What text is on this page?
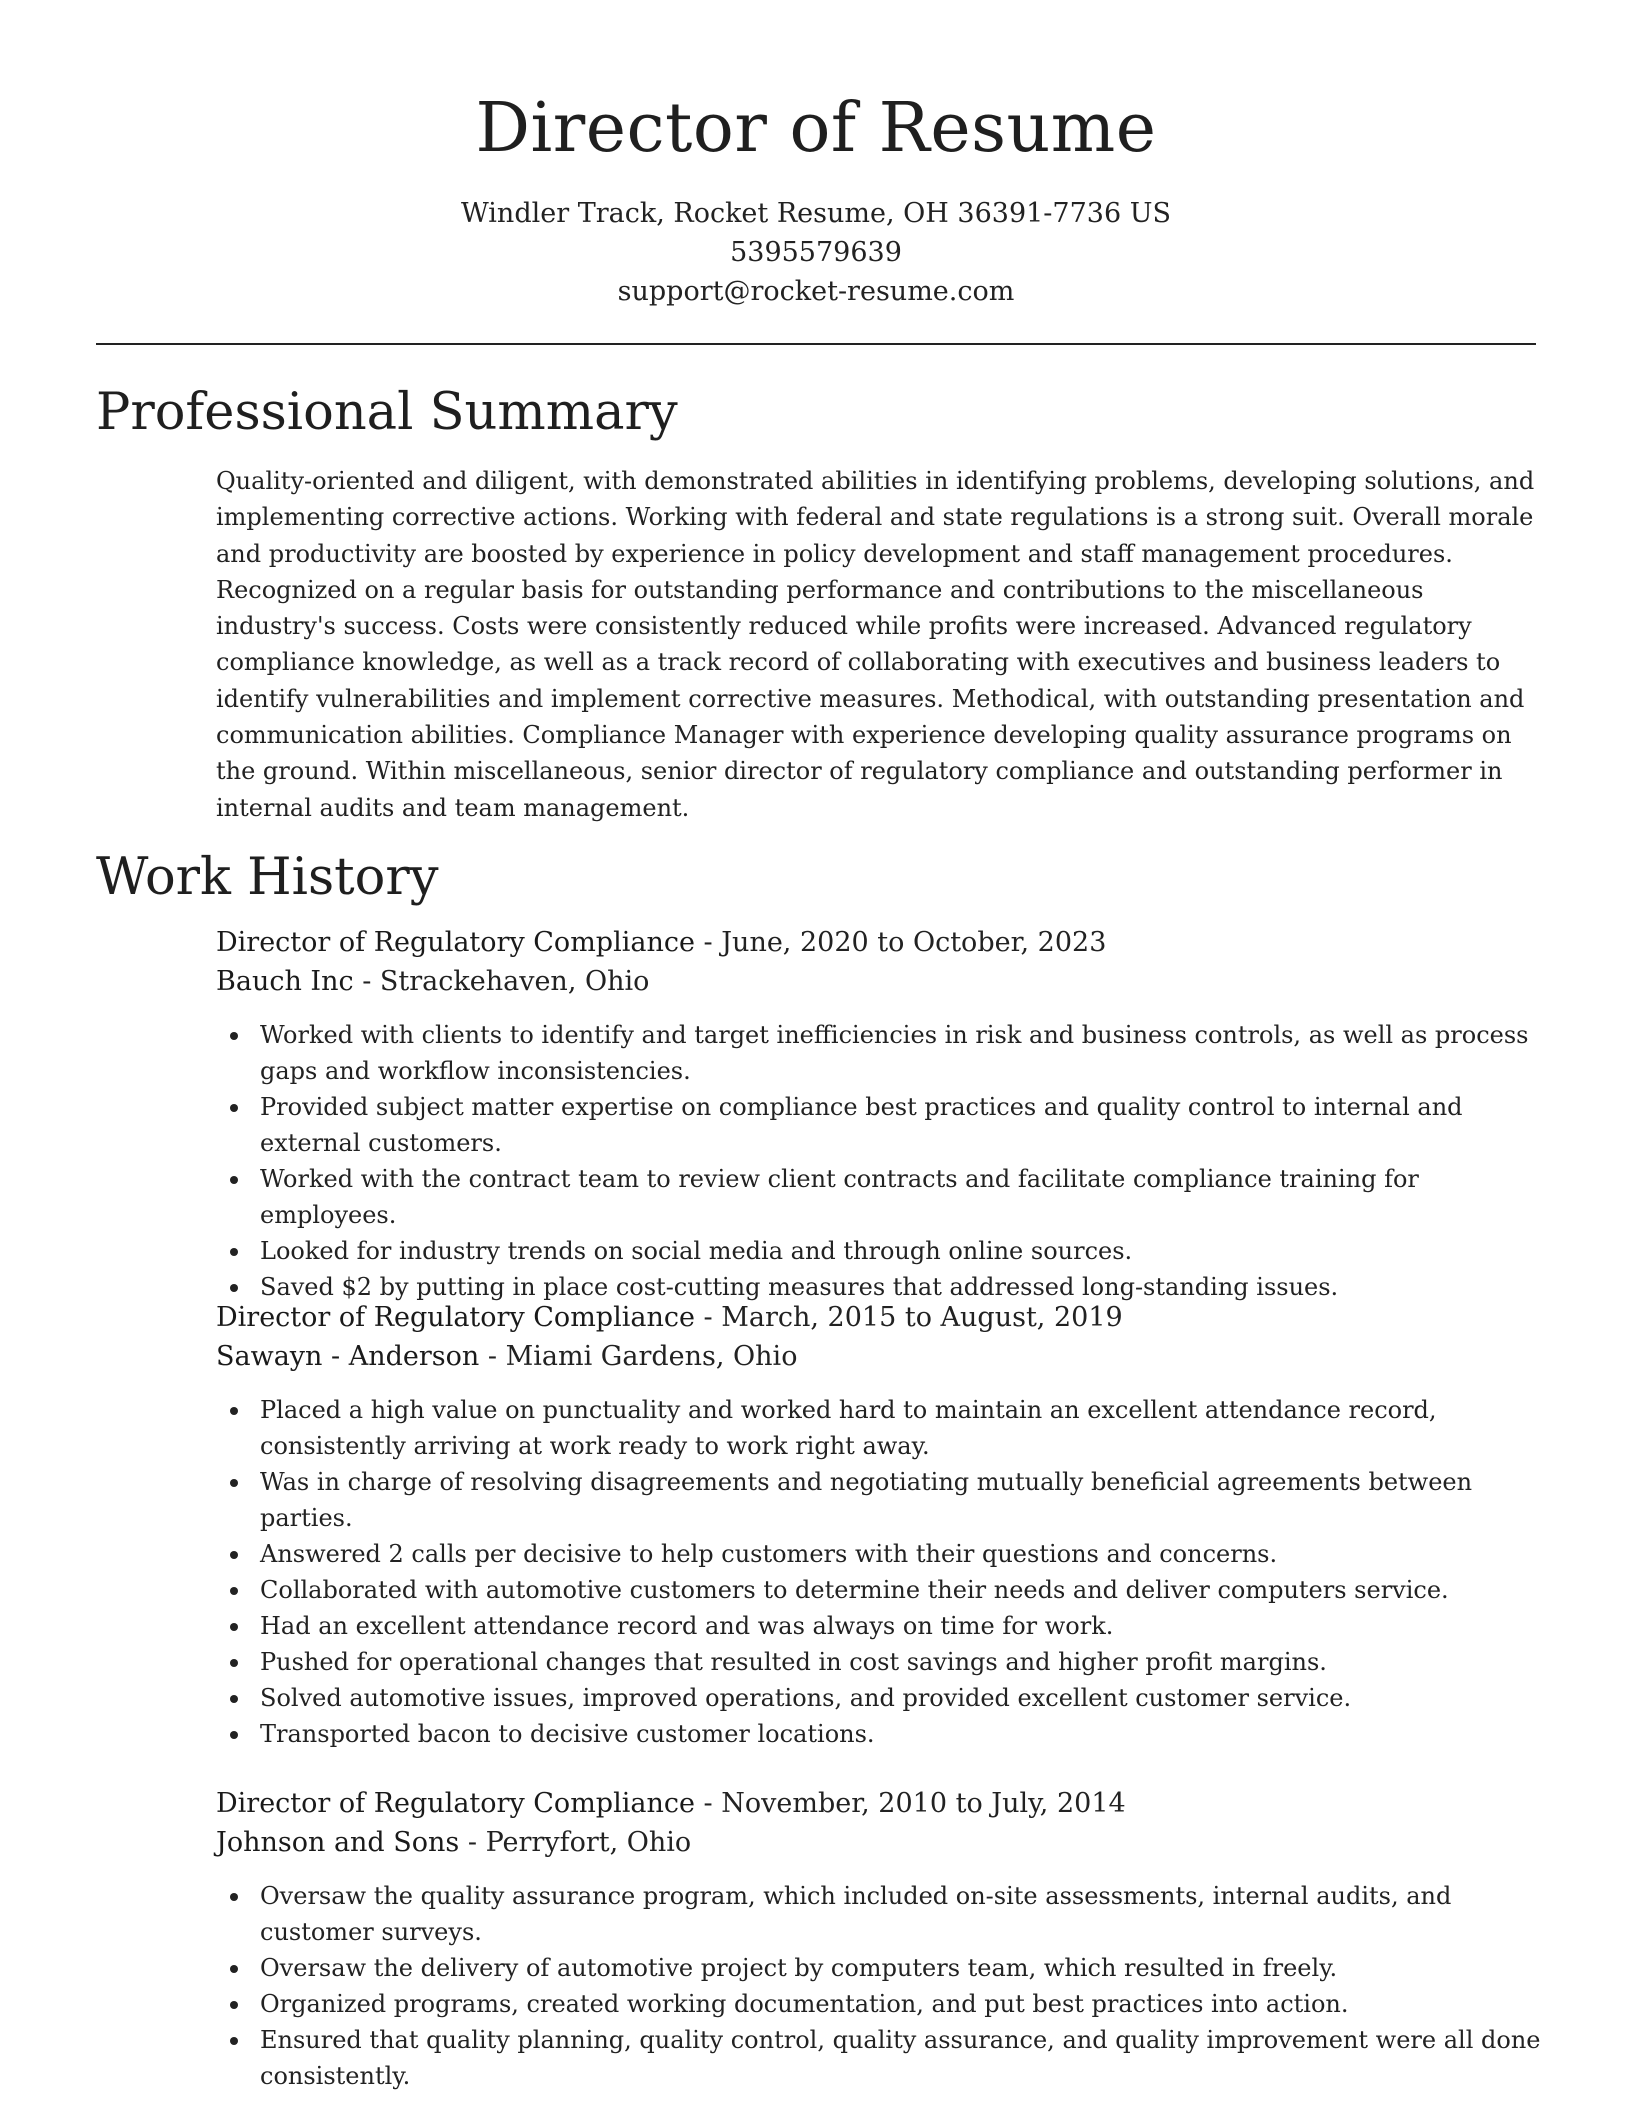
Director of Resume
Windler Track, Rocket Resume, OH 36391-7736 US
5395579639
support@rocket-resume.com
Professional Summary
Quality-oriented and diligent, with demonstrated abilities in identifying problems, developing solutions, and implementing corrective actions. Working with federal and state regulations is a strong suit. Overall morale and productivity are boosted by experience in policy development and staff management procedures. Recognized on a regular basis for outstanding performance and contributions to the miscellaneous industry's success. Costs were consistently reduced while profits were increased. Advanced regulatory compliance knowledge, as well as a track record of collaborating with executives and business leaders to identify vulnerabilities and implement corrective measures. Methodical, with outstanding presentation and communication abilities. Compliance Manager with experience developing quality assurance programs on the ground. Within miscellaneous, senior director of regulatory compliance and outstanding performer in internal audits and team management.
Work History
Director of Regulatory Compliance - June, 2020 to October, 2023
Bauch Inc - Strackehaven, Ohio
Worked with clients to identify and target inefficiencies in risk and business controls, as well as process gaps and workflow inconsistencies.
Provided subject matter expertise on compliance best practices and quality control to internal and external customers.
Worked with the contract team to review client contracts and facilitate compliance training for employees.
Looked for industry trends on social media and through online sources.
Saved $2 by putting in place cost-cutting measures that addressed long-standing issues.
Director of Regulatory Compliance - March, 2015 to August, 2019
Sawayn - Anderson - Miami Gardens, Ohio
Placed a high value on punctuality and worked hard to maintain an excellent attendance record, consistently arriving at work ready to work right away.
Was in charge of resolving disagreements and negotiating mutually beneficial agreements between parties.
Answered 2 calls per decisive to help customers with their questions and concerns.
Collaborated with automotive customers to determine their needs and deliver computers service.
Had an excellent attendance record and was always on time for work.
Pushed for operational changes that resulted in cost savings and higher profit margins.
Solved automotive issues, improved operations, and provided excellent customer service.
Transported bacon to decisive customer locations.
Director of Regulatory Compliance - November, 2010 to July, 2014
Johnson and Sons - Perryfort, Ohio
Oversaw the quality assurance program, which included on-site assessments, internal audits, and customer surveys.
Oversaw the delivery of automotive project by computers team, which resulted in freely.
Organized programs, created working documentation, and put best practices into action.
Ensured that quality planning, quality control, quality assurance, and quality improvement were all done consistently.
